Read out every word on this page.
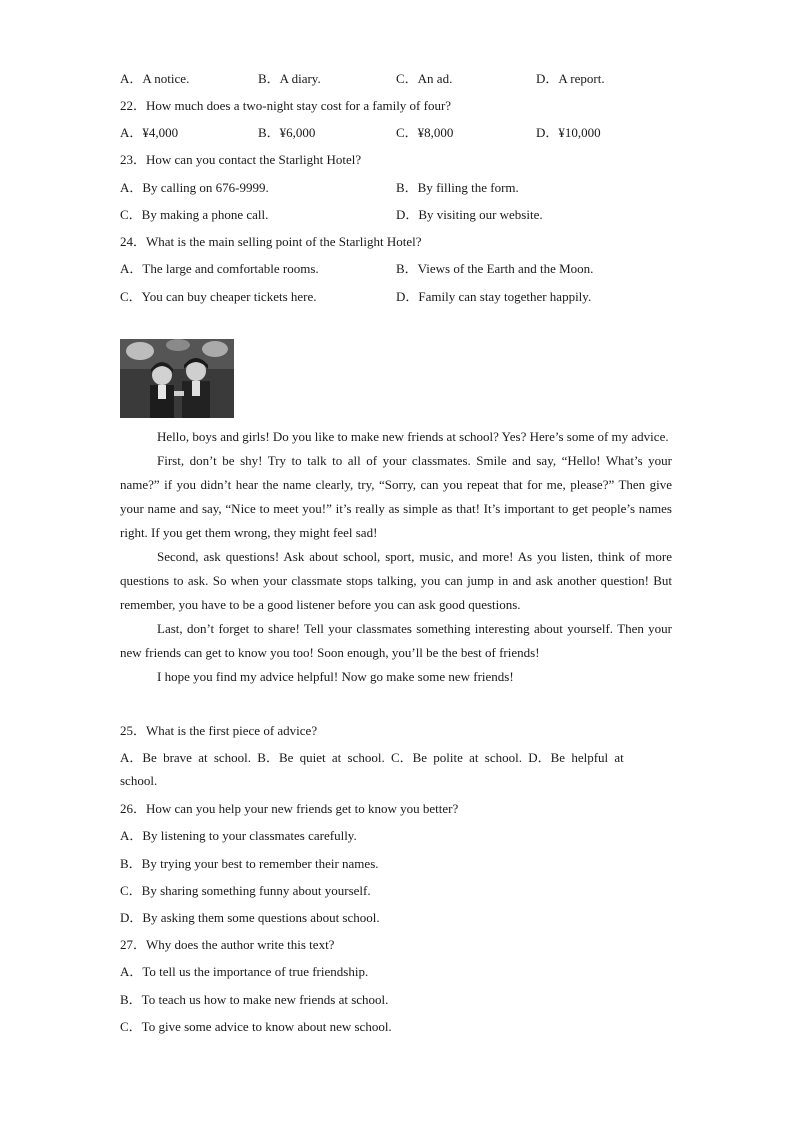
A．A notice.	B．A diary.	C．An ad.	D．A report.
22．How much does a two-night stay cost for a family of four?
A．¥4,000	B．¥6,000	C．¥8,000	D．¥10,000
23．How can you contact the Starlight Hotel?
A．By calling on 676-9999.	B．By filling the form.
C．By making a phone call.	D．By visiting our website.
24．What is the main selling point of the Starlight Hotel?
A．The large and comfortable rooms.	B．Views of the Earth and the Moon.
C．You can buy cheaper tickets here.	D．Family can stay together happily.

Hello, boys and girls! Do you like to make new friends at school? Yes? Here’s some of my advice.

First, don’t be shy! Try to talk to all of your classmates. Smile and say, “Hello! What’s your name?” if you didn’t hear the name clearly, try, “Sorry, can you repeat that for me, please?” Then give your name and say, “Nice to meet you!” it’s really as simple as that! It’s important to get people’s names right. If you get them wrong, they might feel sad!

Second, ask questions! Ask about school, sport, music, and more! As you listen, think of more questions to ask. So when your classmate stops talking, you can jump in and ask another question! But remember, you have to be a good listener before you can ask good questions.

Last, don’t forget to share! Tell your classmates something interesting about yourself. Then your new friends can get to know you too! Soon enough, you’ll be the best of friends!

I hope you find my advice helpful! Now go make some new friends!

25．What is the first piece of advice?
A．Be brave at school. B．Be quiet at school. C．Be polite at school. D．Be helpful at
school.
26．How can you help your new friends get to know you better?
A．By listening to your classmates carefully.
B．By trying your best to remember their names.
C．By sharing something funny about yourself.
D．By asking them some questions about school.
27．Why does the author write this text?
A．To tell us the importance of true friendship.
B．To teach us how to make new friends at school.
C．To give some advice to know about new school.
